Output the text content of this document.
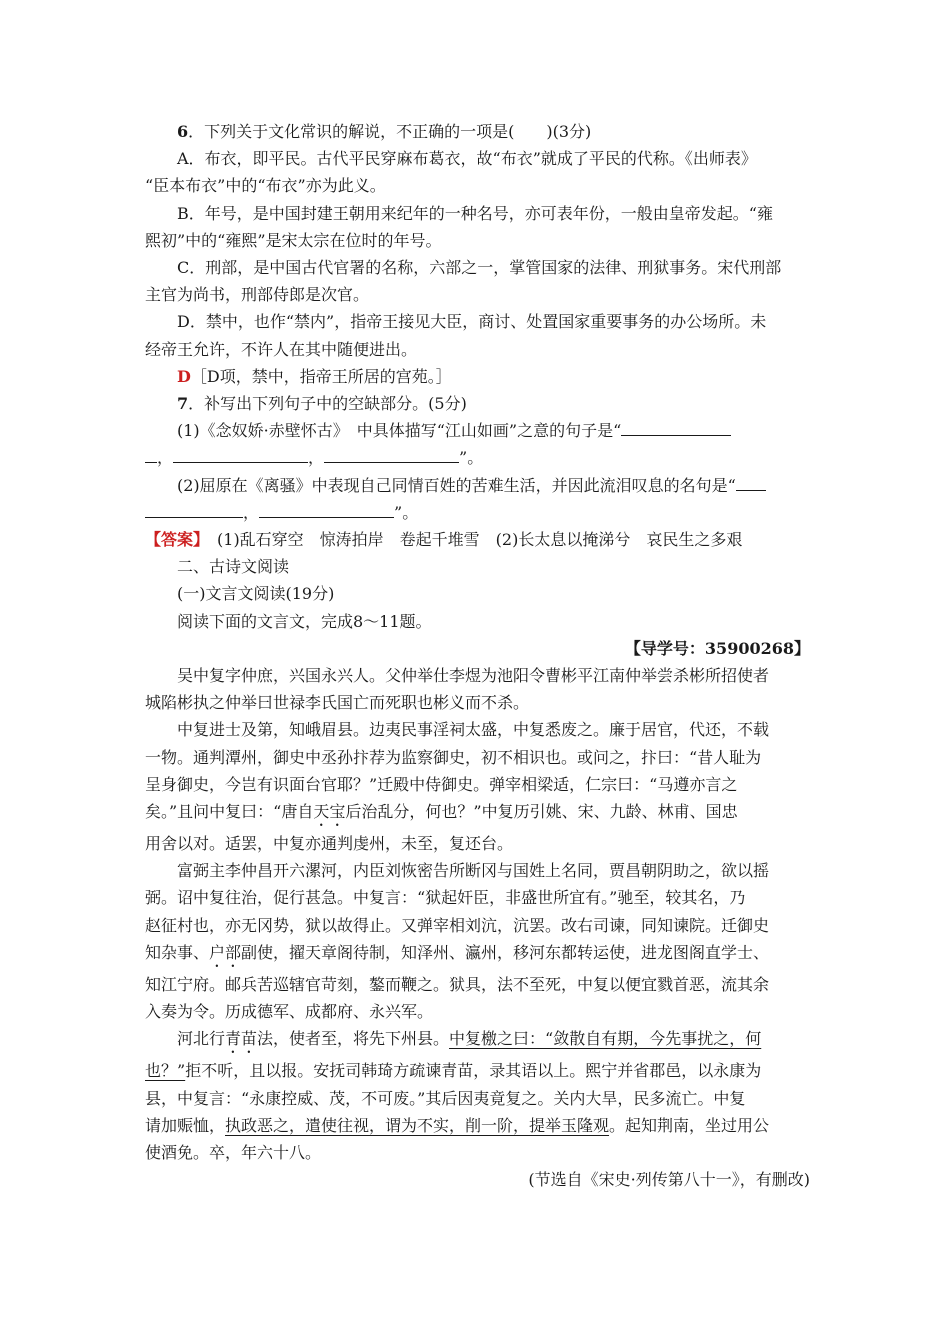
6．下列关于文化常识的解说，不正确的一项是(　　)(3分)

A．布衣，即平民。古代平民穿麻布葛衣，故“布衣”就成了平民的代称。《出师表》

“臣本布衣”中的“布衣”亦为此义。

B．年号，是中国封建王朝用来纪年的一种名号，亦可表年份，一般由皇帝发起。“雍

熙初”中的“雍熙”是宋太宗在位时的年号。

C．刑部，是中国古代官署的名称，六部之一，掌管国家的法律、刑狱事务。宋代刑部

主官为尚书，刑部侍郎是次官。

D．禁中，也作“禁内”，指帝王接见大臣，商讨、处置国家重要事务的办公场所。未

经帝王允许，不许人在其中随便进出。

D［D项，禁中，指帝王所居的宫苑。］

7．补写出下列句子中的空缺部分。(5分)

(1)《念奴娇·赤壁怀古》　中具体描写“江山如画”之意的句子是“

，	，	”。

(2)屈原在《离骚》中表现自己同情百姓的苦难生活，并因此流泪叹息的名句是“

，	”。

【答案】　(1)乱石穿空　惊涛拍岸　卷起千堆雪　(2)长太息以掩涕兮　哀民生之多艰

二、古诗文阅读

(一)文言文阅读(19分)

阅读下面的文言文，完成8～11题。

【导学号：35900268】

吴中复字仲庶，兴国永兴人。父仲举仕李煜为池阳令曹彬平江南仲举尝杀彬所招使者

城陷彬执之仲举曰世禄李氏国亡而死职也彬义而不杀。

中复进士及第，知峨眉县。边夷民事淫祠太盛，中复悉废之。廉于居官，代还，不载

一物。通判潭州，御史中丞孙抃荐为监察御史，初不相识也。或问之，抃曰：“昔人耻为

呈身御史，今岂有识面台官耶？”迁殿中侍御史。弹宰相梁适，仁宗曰：“马遵亦言之

矣。”且问中复曰：“唐自天宝后治乱分，何也？”中复历引姚、宋、九龄、林甫、国忠

用舍以对。适罢，中复亦通判虔州，未至，复还台。

富弼主李仲昌开六漯河，内臣刘恢密告所断冈与国姓上名同，贾昌朝阴助之，欲以摇

弼。诏中复往治，促行甚急。中复言：“狱起奸臣，非盛世所宜有。”驰至，较其名，乃

赵征村也，亦无冈势，狱以故得止。又弹宰相刘沆，沆罢。改右司谏，同知谏院。迁御史

知杂事、户部副使，擢天章阁待制，知泽州、瀛州，移河东都转运使，进龙图阁直学士、

知江宁府。邮兵苦巡辖官苛刻，鏊而鞭之。狱具，法不至死，中复以便宜戮首恶，流其余

入奏为令。历成德军、成都府、永兴军。

河北行青苗法，使者至，将先下州县。中复檄之曰：“敛散自有期，今先事扰之，何

也？”拒不听，且以报。安抚司韩琦方疏谏青苗，录其语以上。熙宁并省郡邑，以永康为

县，中复言：“永康控威、茂，不可废。”其后因夷竟复之。关内大旱，民多流亡。中复

请加赈恤，执政恶之，遣使往视，谓为不实，削一阶，提举玉隆观。起知荆南，坐过用公

使酒免。卒，年六十八。

(节选自《宋史·列传第八十一》，有删改)
